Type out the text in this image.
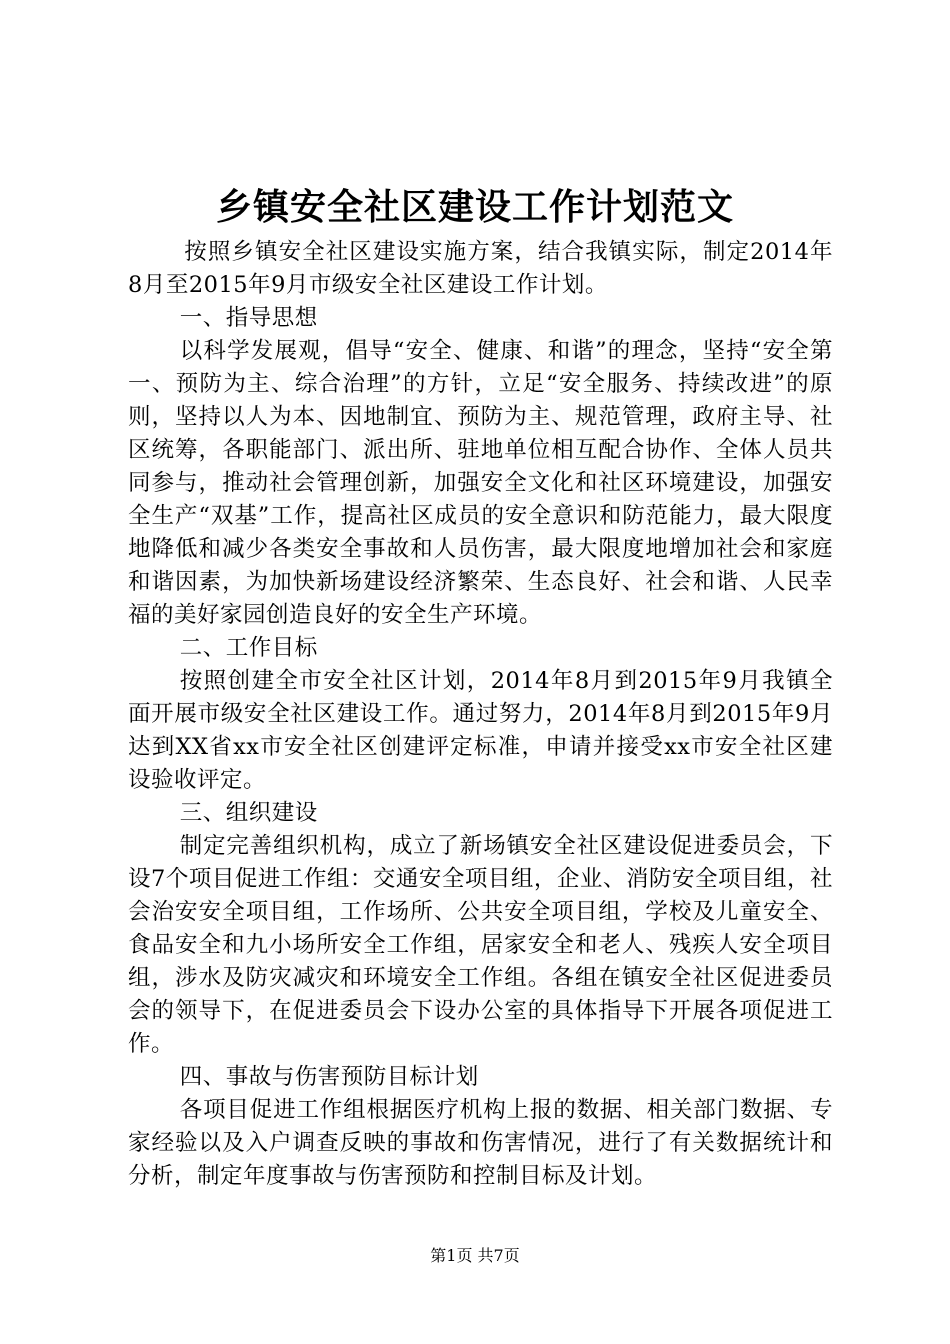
乡镇安全社区建设工作计划范文

按照乡镇安全社区建设实施方案，结合我镇实际，制定2014年8月至2015年9月市级安全社区建设工作计划。

一、指导思想

以科学发展观，倡导“安全、健康、和谐”的理念，坚持“安全第一、预防为主、综合治理”的方针，立足“安全服务、持续改进”的原则，坚持以人为本、因地制宜、预防为主、规范管理，政府主导、社区统筹，各职能部门、派出所、驻地单位相互配合协作、全体人员共同参与，推动社会管理创新，加强安全文化和社区环境建设，加强安全生产“双基”工作，提高社区成员的安全意识和防范能力，最大限度地降低和减少各类安全事故和人员伤害，最大限度地增加社会和家庭和谐因素，为加快新场建设经济繁荣、生态良好、社会和谐、人民幸福的美好家园创造良好的安全生产环境。

二、工作目标

按照创建全市安全社区计划，2014年8月到2015年9月我镇全面开展市级安全社区建设工作。通过努力，2014年8月到2015年9月达到XX省xx市安全社区创建评定标准，申请并接受xx市安全社区建设验收评定。

三、组织建设

制定完善组织机构，成立了新场镇安全社区建设促进委员会，下设7个项目促进工作组：交通安全项目组，企业、消防安全项目组，社会治安安全项目组，工作场所、公共安全项目组，学校及儿童安全、食品安全和九小场所安全工作组，居家安全和老人、残疾人安全项目组，涉水及防灾减灾和环境安全工作组。各组在镇安全社区促进委员会的领导下，在促进委员会下设办公室的具体指导下开展各项促进工作。

四、事故与伤害预防目标计划

各项目促进工作组根据医疗机构上报的数据、相关部门数据、专家经验以及入户调查反映的事故和伤害情况，进行了有关数据统计和分析，制定年度事故与伤害预防和控制目标及计划。

第1页 共7页
